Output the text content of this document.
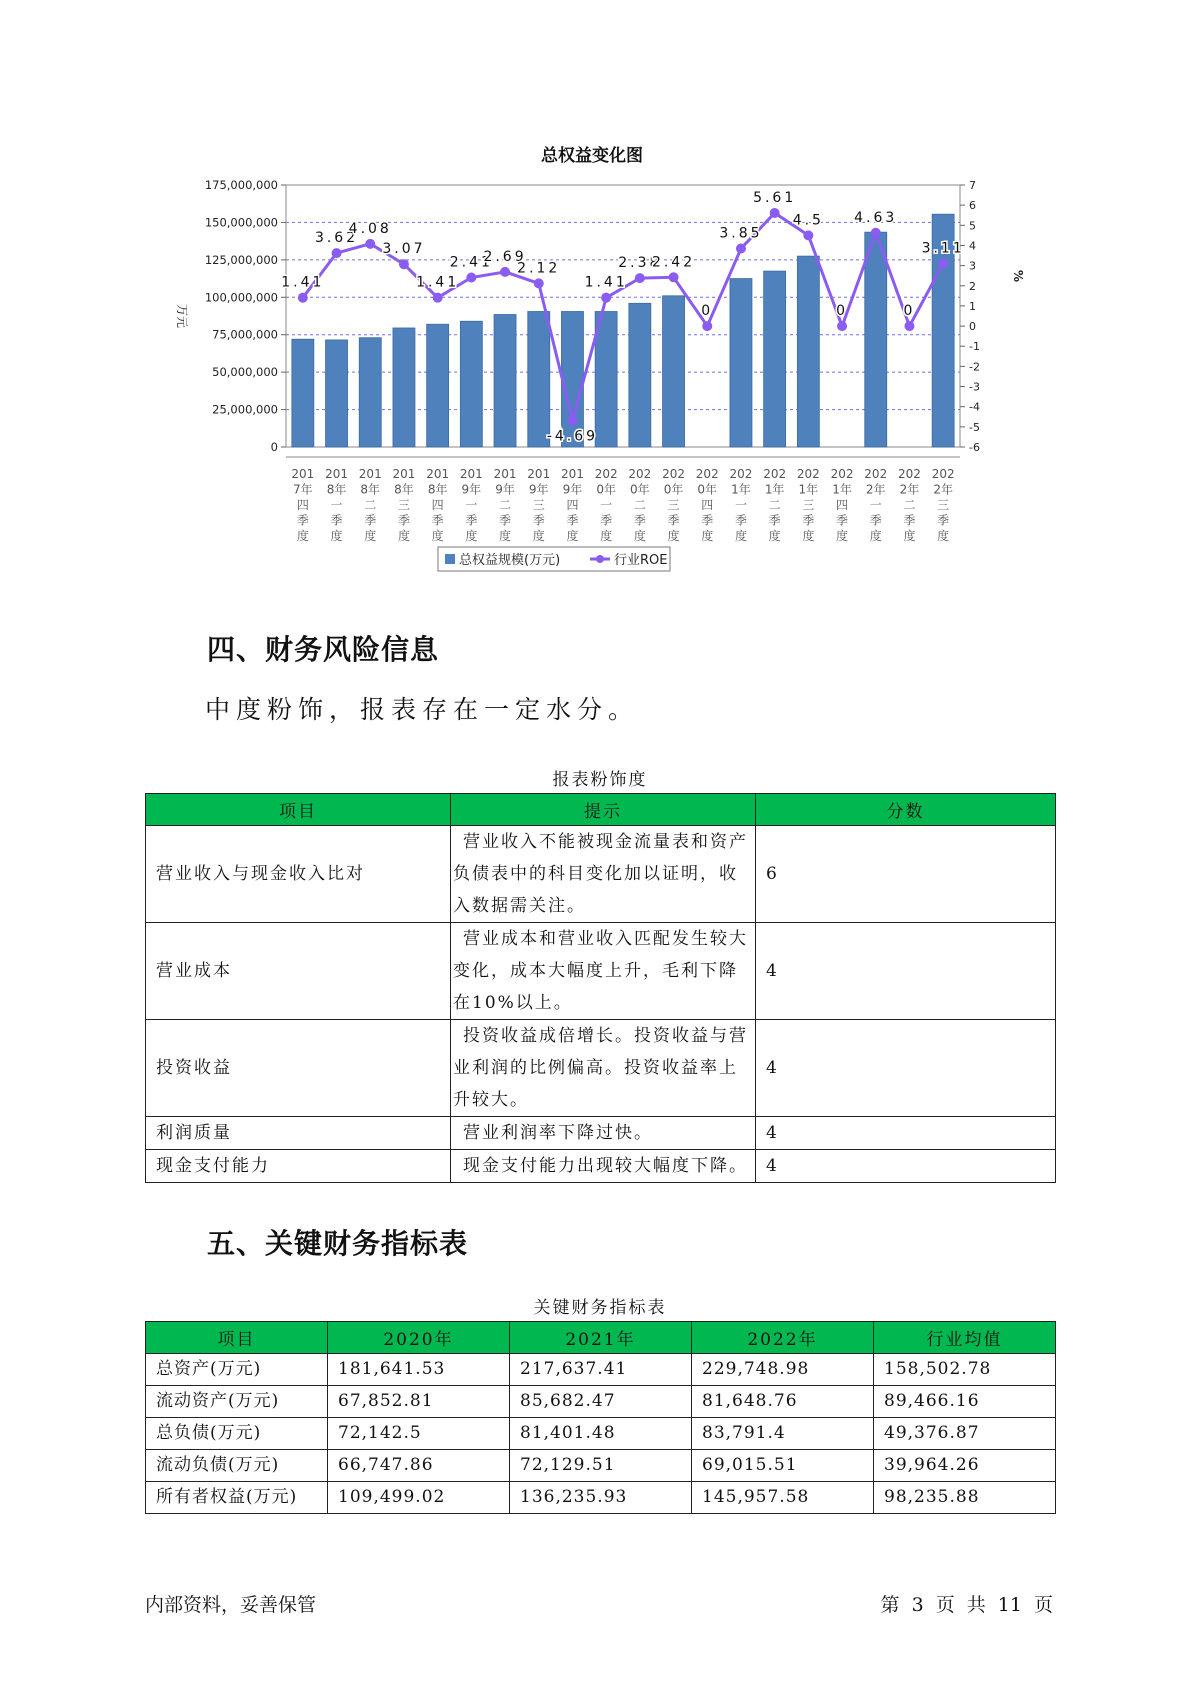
总权益变化图
175,000,000
150,000,000
125,000,000
100,000,000
75,000,000
50,000,000
25,000,000
0
7
6
5
4
3
2
1
0
-1
-2
-3
-4
-5
-6
万元
%
1.41
3.62
4.08
3.07
1.41
2.41
2.69
2.12
-4.69
1.41
2.38
2.42
0
3.85
5.61
4.5
0
4.63
0
3.11
201
7年
四
季
度
201
8年
一
季
度
201
8年
二
季
度
201
8年
三
季
度
201
8年
四
季
度
201
9年
一
季
度
201
9年
二
季
度
201
9年
三
季
度
201
9年
四
季
度
202
0年
一
季
度
202
0年
二
季
度
202
0年
三
季
度
202
0年
四
季
度
202
1年
一
季
度
202
1年
二
季
度
202
1年
三
季
度
202
1年
四
季
度
202
2年
一
季
度
202
2年
二
季
度
202
2年
三
季
度
总权益规模(万元)	行业ROE
四、财务风险信息
中度粉饰，报表存在一定水分。
报表粉饰度
项目	提示	分数
营业收入与现金收入比对	营业收入不能被现金流量表和资产负债表中的科目变化加以证明，收入数据需关注。	6
营业成本	营业成本和营业收入匹配发生较大变化，成本大幅度上升，毛利下降在10%以上。	4
投资收益	投资收益成倍增长。投资收益与营业利润的比例偏高。投资收益率上升较大。	4
利润质量	营业利润率下降过快。	4
现金支付能力	现金支付能力出现较大幅度下降。	4
五、关键财务指标表
关键财务指标表
项目	2020年	2021年	2022年	行业均值
总资产(万元)	181,641.53	217,637.41	229,748.98	158,502.78
流动资产(万元)	67,852.81	85,682.47	81,648.76	89,466.16
总负债(万元)	72,142.5	81,401.48	83,791.4	49,376.87
流动负债(万元)	66,747.86	72,129.51	69,015.51	39,964.26
所有者权益(万元)	109,499.02	136,235.93	145,957.58	98,235.88
内部资料，妥善保管	第 3 页 共 11 页
